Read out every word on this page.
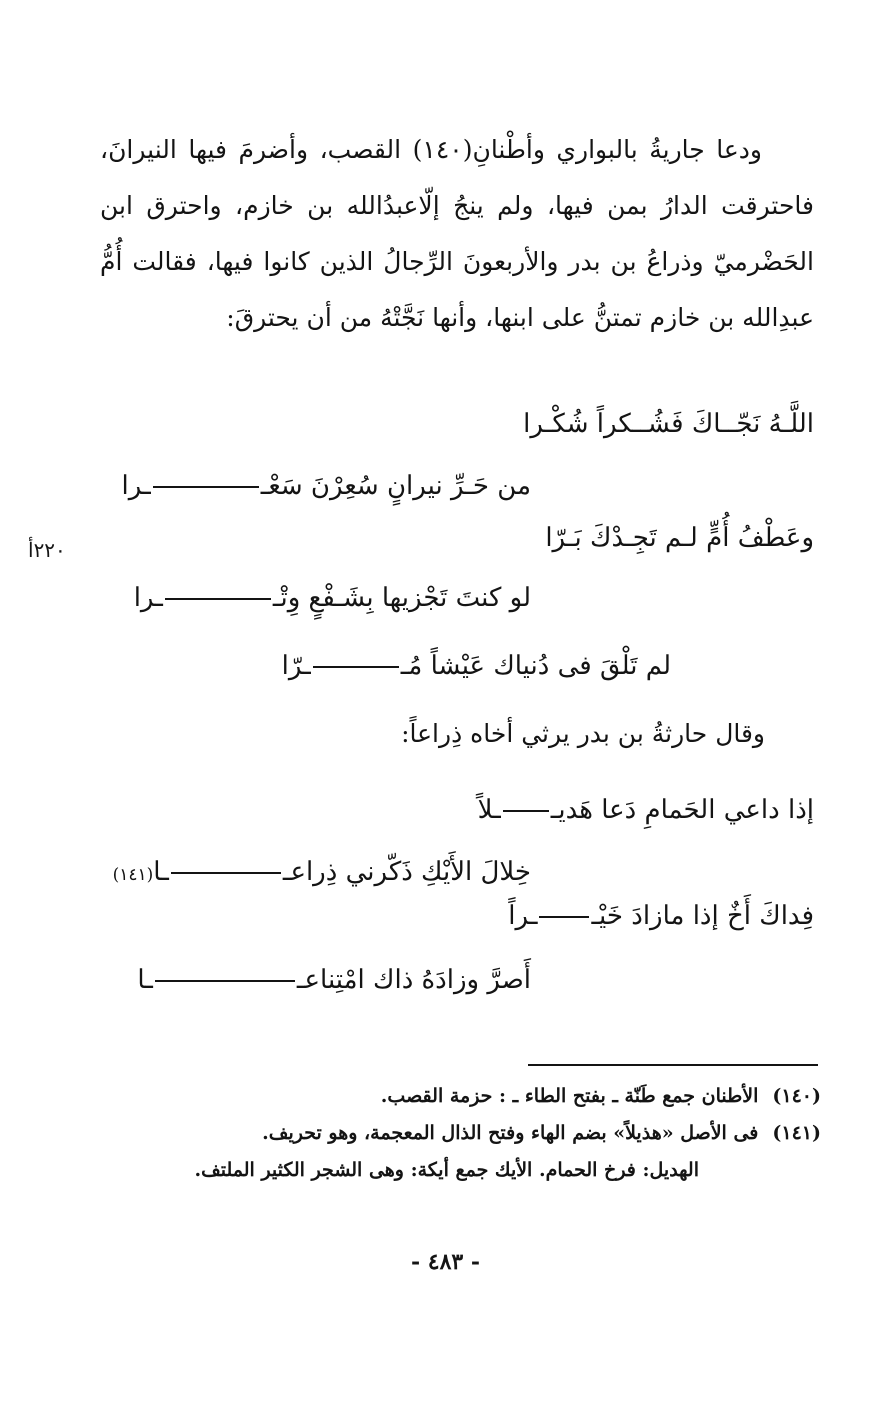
ودعا جاريةُ بالبواري وأطْنانِ(١٤٠) القصب، وأضرمَ فيها النيرانَ، فاحترقت الدارُ بمن فيها، ولم ينجُ إلّاعبدُالله بن خازم، واحترق ابن الحَضْرميّ وذراعُ بن بدر والأربعونَ الرِّجالُ الذين كانوا فيها، فقالت أُمُّ عبدِالله بن خازم تمتنُّ على ابنها، وأنها نَجَّتْهُ من أن يحترقَ:

اللَّـهُ نَجّــاكَ فَشُــكراً شُكْـرا
من حَـرِّ نيرانٍ سُعِرْنَ سَعْــرا
وعَطْفُ أُمٍّ لـم تَجِـدْكَ بَـرّا
لو كنتَ تَجْزيها بِشَـفْعٍ وِتْــرا
لم تَلْقَ فى دُنياك عَيْشاً مُــرّا
٢٢٠أ
وقال حارثةُ بن بدر يرثي أخاه ذِراعاً:
إذا داعي الحَمامِ دَعا هَديــلاً
خِلالَ الأَيْكِ ذَكّرني ذِراعــا(١٤١)
فِداكَ أَخٌ إذا مازادَ خَيْــراً
أَصرَّ وزادَهُ ذاك امْتِناعــا
(١٤٠)الأطنان جمع طَنّة ـ بفتح الطاء ـ : حزمة القصب.
(١٤١)فى الأصل «هذيلاً» بضم الهاء وفتح الذال المعجمة، وهو تحريف.
الهديل: فرخ الحمام. الأيك جمع أيكة: وهى الشجر الكثير الملتف.
- ٤٨٣ -
